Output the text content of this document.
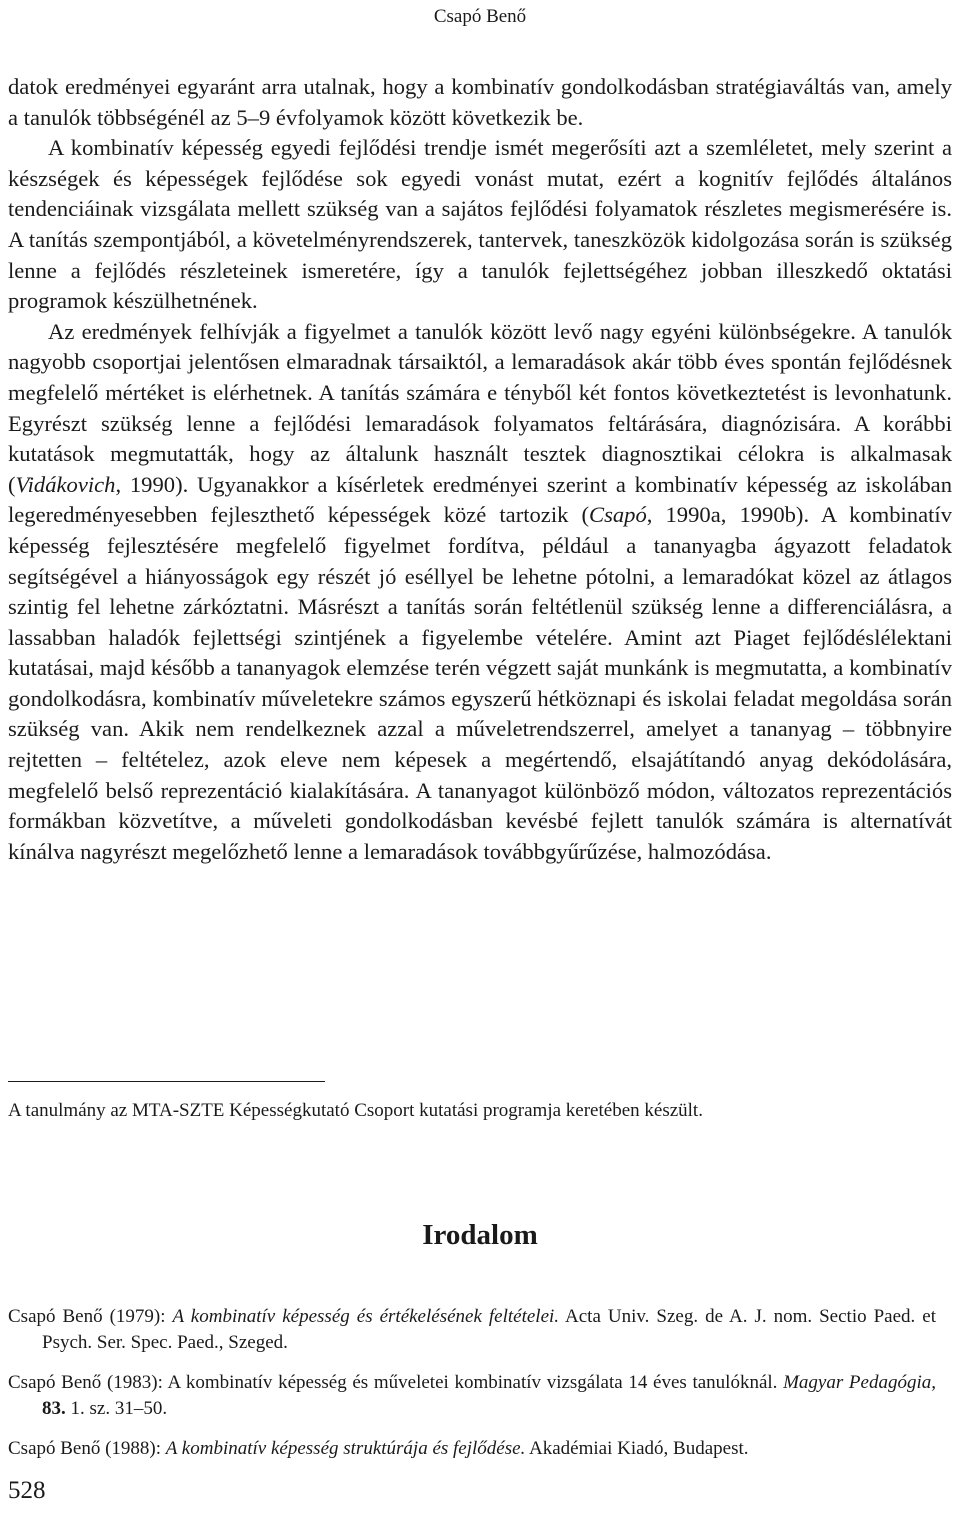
Csapó Benő

datok eredményei egyaránt arra utalnak, hogy a kombinatív gondolkodásban stratégiaváltás van, amely a tanulók többségénél az 5–9 évfolyamok között következik be.

A kombinatív képesség egyedi fejlődési trendje ismét megerősíti azt a szemléletet, mely szerint a készségek és képességek fejlődése sok egyedi vonást mutat, ezért a kognitív fejlődés általános tendenciáinak vizsgálata mellett szükség van a sajátos fejlődési folyamatok részletes megismerésére is. A tanítás szempontjából, a követelményrendszerek, tantervek, taneszközök kidolgozása során is szükség lenne a fejlődés részleteinek ismeretére, így a tanulók fejlettségéhez jobban illeszkedő oktatási programok készülhetnének.

Az eredmények felhívják a figyelmet a tanulók között levő nagy egyéni különbségekre. A tanulók nagyobb csoportjai jelentősen elmaradnak társaiktól, a lemaradások akár több éves spontán fejlődésnek megfelelő mértéket is elérhetnek. A tanítás számára e tényből két fontos következtetést is levonhatunk. Egyrészt szükség lenne a fejlődési lemaradások folyamatos feltárására, diagnózisára. A korábbi kutatások megmutatták, hogy az általunk használt tesztek diagnosztikai célokra is alkalmasak (Vidákovich, 1990). Ugyanakkor a kísérletek eredményei szerint a kombinatív képesség az iskolában legeredményesebben fejleszthető képességek közé tartozik (Csapó, 1990a, 1990b). A kombinatív képesség fejlesztésére megfelelő figyelmet fordítva, például a tananyagba ágyazott feladatok segítségével a hiányosságok egy részét jó eséllyel be lehetne pótolni, a lemaradókat közel az átlagos szintig fel lehetne zárkóztatni. Másrészt a tanítás során feltétlenül szükség lenne a differenciálásra, a lassabban haladók fejlettségi szintjének a figyelembe vételére. Amint azt Piaget fejlődéslélektani kutatásai, majd később a tananyagok elemzése terén végzett saját munkánk is megmutatta, a kombinatív gondolkodásra, kombinatív műveletekre számos egyszerű hétköznapi és iskolai feladat megoldása során szükség van. Akik nem rendelkeznek azzal a műveletrendszerrel, amelyet a tananyag – többnyire rejtetten – feltételez, azok eleve nem képesek a megértendő, elsajátítandó anyag dekódolására, megfelelő belső reprezentáció kialakítására. A tananyagot különböző módon, változatos reprezentációs formákban közvetítve, a műveleti gondolkodásban kevésbé fejlett tanulók számára is alternatívát kínálva nagyrészt megelőzhető lenne a lemaradások továbbgyűrűzése, halmozódása.

A tanulmány az MTA-SZTE Képességkutató Csoport kutatási programja keretében készült.
Irodalom

Csapó Benő (1979): A kombinatív képesség és értékelésének feltételei. Acta Univ. Szeg. de A. J. nom. Sectio Paed. et Psych. Ser. Spec. Paed., Szeged.

Csapó Benő (1983): A kombinatív képesség és műveletei kombinatív vizsgálata 14 éves tanulóknál. Magyar Pedagógia, 83. 1. sz. 31–50.

Csapó Benő (1988): A kombinatív képesség struktúrája és fejlődése. Akadémiai Kiadó, Budapest.

528
